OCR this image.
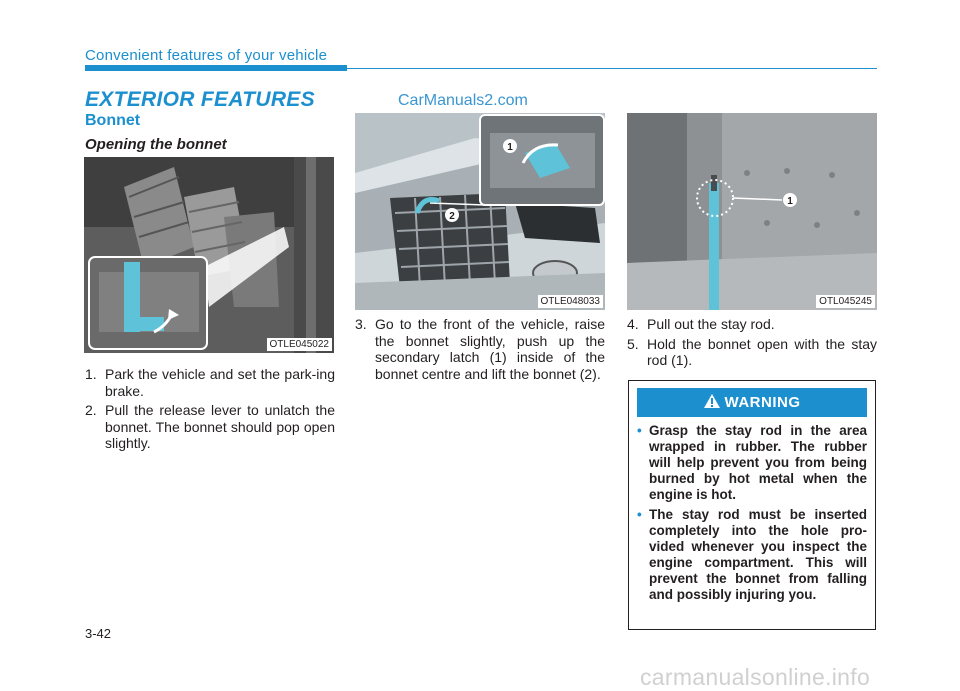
Convenient features of your vehicle
CarManuals2.com
EXTERIOR FEATURES
Bonnet
Opening the bonnet
OTLE045022
1
2
OTLE048033
1
OTL045245
1. Park the vehicle and set the park-ing brake.
2. Pull the release lever to unlatch the bonnet. The bonnet should pop open slightly.
3. Go to the front of the vehicle, raise the bonnet slightly, push up the secondary latch (1) inside of the bonnet centre and lift the bonnet (2).
4. Pull out the stay rod.
5. Hold the bonnet open with the stay rod (1).
WARNING
• Grasp the stay rod in the area wrapped in rubber. The rubber will help prevent you from being burned by hot metal when the engine is hot.
• The stay rod must be inserted completely into the hole pro-vided whenever you inspect the engine compartment. This will prevent the bonnet from falling and possibly injuring you.
3-42
carmanualsonline.info
